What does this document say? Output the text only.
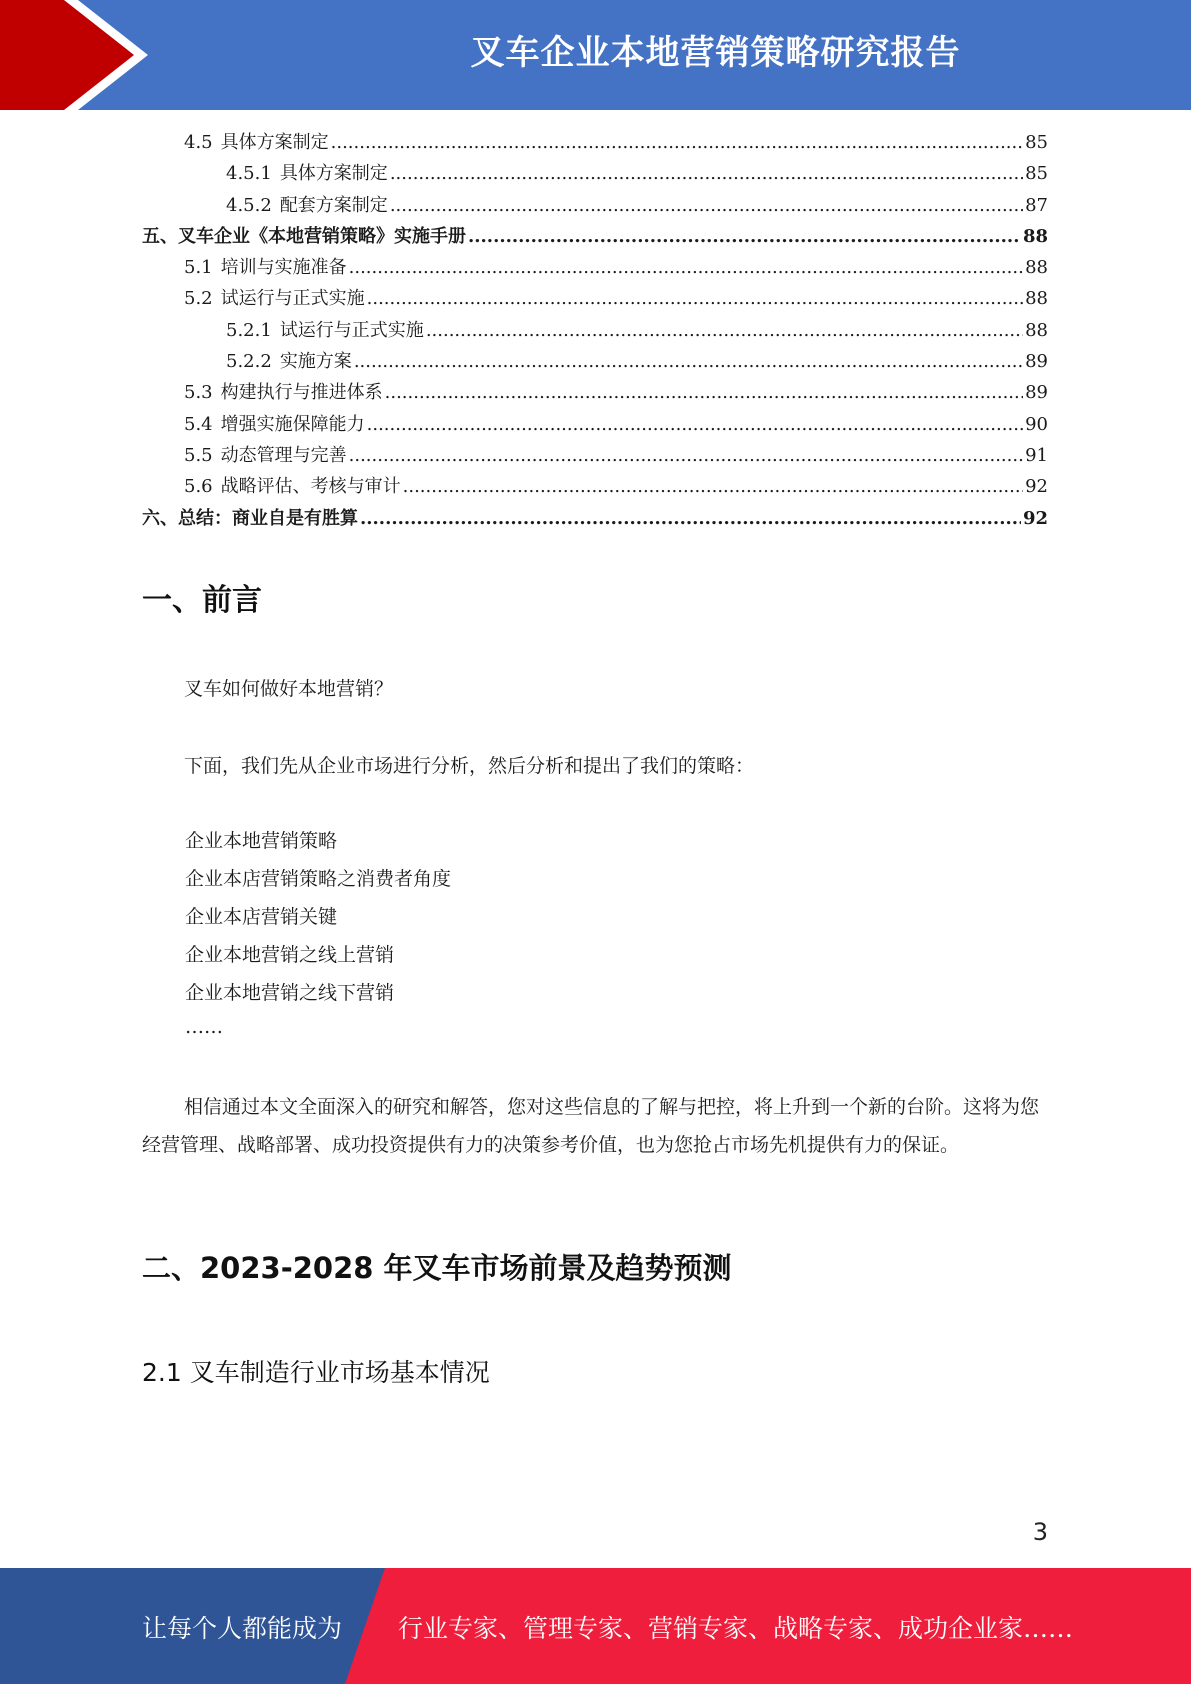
叉车企业本地营销策略研究报告
4.5 具体方案制定 .....	85
4.5.1 具体方案制定 .....	85
4.5.2 配套方案制定 .....	87
五、叉车企业《本地营销策略》实施手册 .....	88
5.1 培训与实施准备 .....	88
5.2 试运行与正式实施 .....	88
5.2.1 试运行与正式实施 .....	88
5.2.2 实施方案 .....	89
5.3 构建执行与推进体系 .....	89
5.4 增强实施保障能力 .....	90
5.5 动态管理与完善 .....	91
5.6 战略评估、考核与审计 .....	92
六、总结：商业自是有胜算 .....	92
一、前言
叉车如何做好本地营销？
下面，我们先从企业市场进行分析，然后分析和提出了我们的策略：
企业本地营销策略
企业本店营销策略之消费者角度
企业本店营销关键
企业本地营销之线上营销
企业本地营销之线下营销
……
相信通过本文全面深入的研究和解答，您对这些信息的了解与把控，将上升到一个新的台阶。这将为您经营管理、战略部署、成功投资提供有力的决策参考价值，也为您抢占市场先机提供有力的保证。
二、2023-2028 年叉车市场前景及趋势预测
2.1 叉车制造行业市场基本情况
3
让每个人都能成为 行业专家、管理专家、营销专家、战略专家、成功企业家……
